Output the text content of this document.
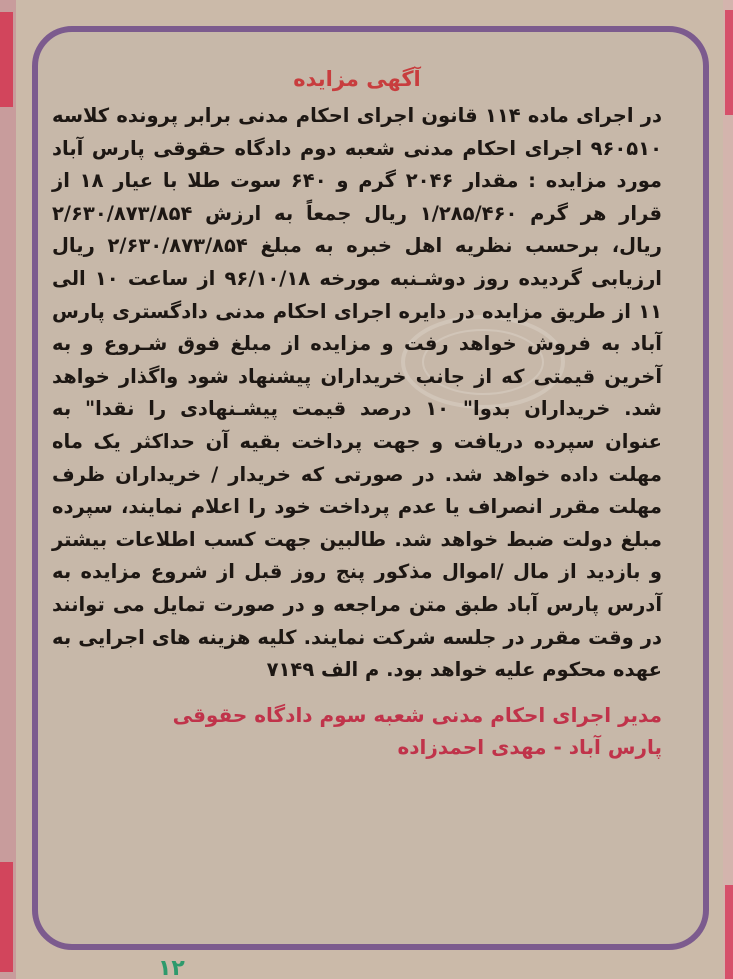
آگهی مزایده

در اجرای ماده ۱۱۴ قانون اجرای احکام مدنی برابر پرونده کلاسه ۹۶۰۵۱۰ اجرای احکام مدنی شعبه دوم دادگاه حقوقی پارس آباد مورد مزایده : مقدار ۲۰۴۶ گرم و ۶۴۰ سوت طلا با عیار ۱۸ از قرار هر گرم ۱/۲۸۵/۴۶۰ ریال جمعاً به ارزش ۲/۶۳۰/۸۷۳/۸۵۴ ریال، برحسب نظریه اهل خبره به مبلغ ۲/۶۳۰/۸۷۳/۸۵۴ ریال ارزیابی گردیده روز دوشـنبه مورخه ۹۶/۱۰/۱۸ از ساعت ۱۰ الی ۱۱ از طریق مزایده در دایره اجرای احکام مدنی دادگستری پارس آباد به فروش خواهد رفت و مزایده از مبلغ فوق شـروع و به آخرین قیمتی که از جانب خریداران پیشنهاد شود واگذار خواهد شد. خریداران بدوا" ۱۰ درصد قیمت پیشـنهادی را نقدا" به عنوان سپرده دریافت و جهت پرداخت بقیه آن حداکثر یک ماه مهلت داده خواهد شد. در صورتی که خریدار / خریداران ظرف مهلت مقرر انصراف یا عدم پرداخت خود را اعلام نمایند، سپرده مبلغ دولت ضبط خواهد شد. طالبین جهت کسب اطلاعات بیشتر و بازدید از مال /اموال مذکور پنج روز قبل از شروع مزایده به آدرس پارس آباد طبق متن مراجعه و در صورت تمایل می توانند در وقت مقرر در جلسه شرکت نمایند. کلیه هزینه های اجرایی به عهده محکوم علیه خواهد بود. م الف ۷۱۴۹

مدیر اجرای احکام مدنی شعبه سوم دادگاه حقوقی
پارس آباد - مهدی احمدزاده
۱۲
